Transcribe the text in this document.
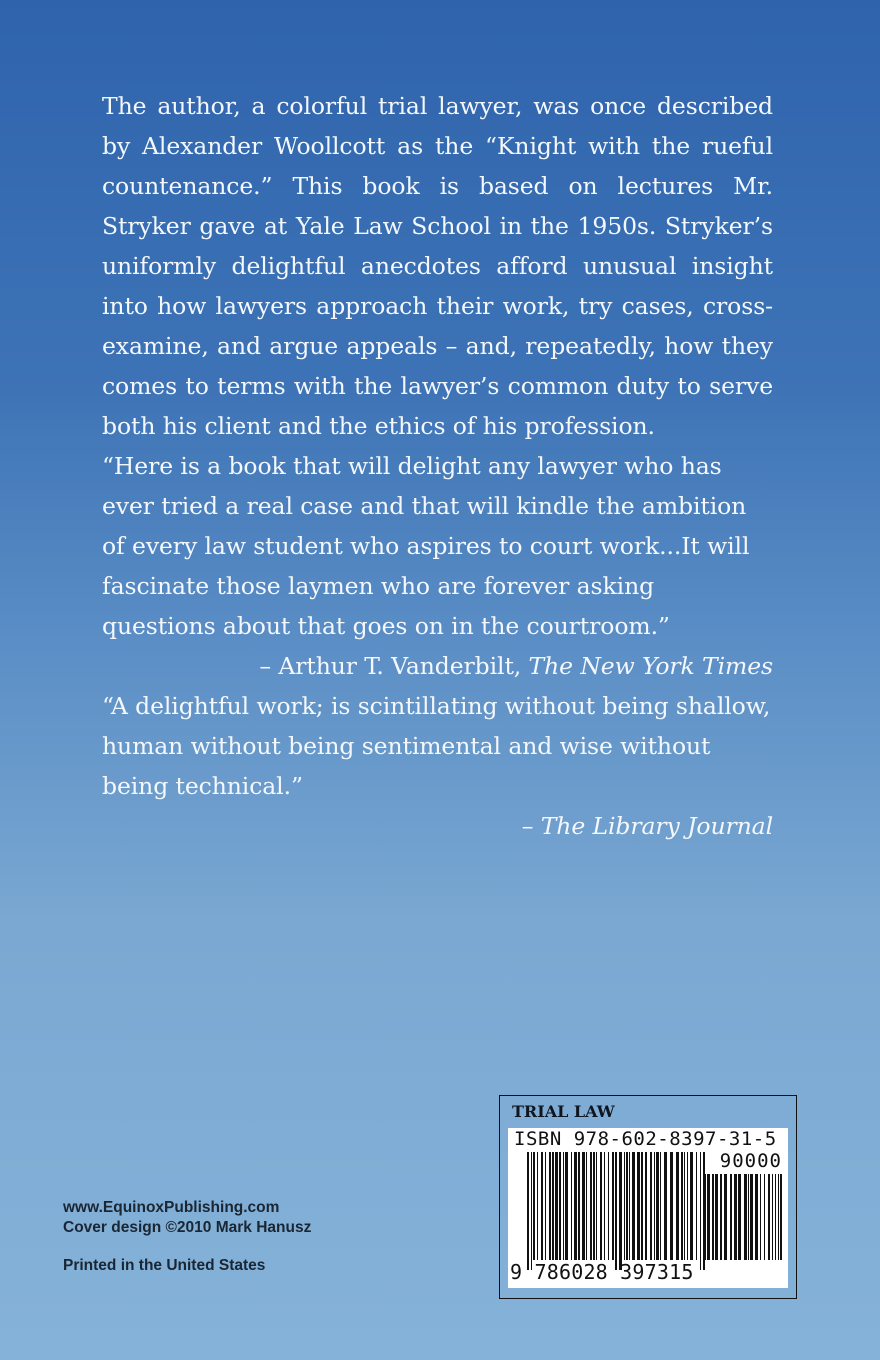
The author, a colorful trial lawyer, was once described by Alexander Woollcott as the “Knight with the rueful countenance.” This book is based on lectures Mr. Stryker gave at Yale Law School in the 1950s. Stryker’s uniformly delightful anecdotes afford unusual insight into how lawyers approach their work, try cases, cross-examine, and argue appeals – and, repeatedly, how they comes to terms with the lawyer’s common duty to serve both his client and the ethics of his profession.
“Here is a book that will delight any lawyer who has ever tried a real case and that will kindle the ambition of every law student who aspires to court work...It will fascinate those laymen who are forever asking questions about that goes on in the courtroom.”
– Arthur T. Vanderbilt, The New York Times
“A delightful work; is scintillating without being shallow, human without being sentimental and wise without being technical.”
– The Library Journal
www.EquinoxPublishing.com
Cover design ©2010 Mark Hanusz
Printed in the United States
TRIAL LAW
ISBN 978-602-8397-31-5
90000
9 786028 397315
